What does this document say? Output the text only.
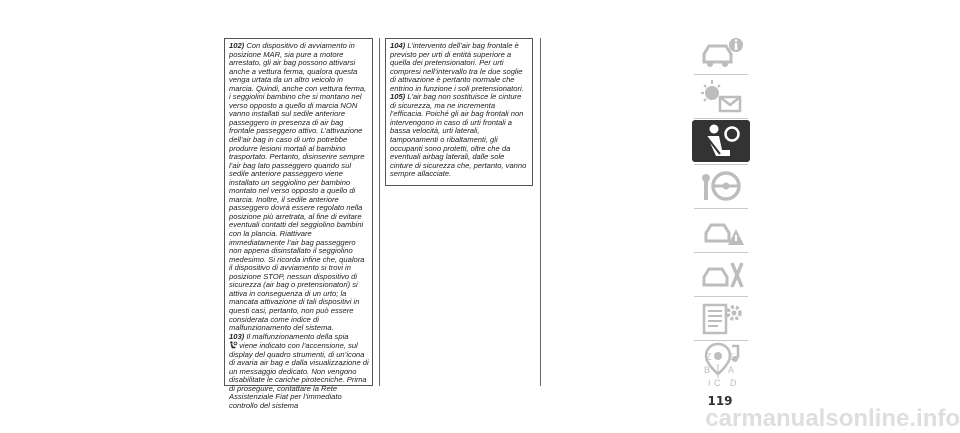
102) Con dispositivo di avviamento in posizione MAR, sia pure a motore arrestato, gli air bag possono attivarsi anche a vettura ferma, qualora questa venga urtata da un altro veicolo in marcia. Quindi, anche con vettura ferma, i seggiolini bambino che si montano nel verso opposto a quello di marcia NON vanno installati sul sedile anteriore passeggero in presenza di air bag frontale passeggero attivo. L’attivazione dell’air bag in caso di urto potrebbe produrre lesioni mortali al bambino trasportato. Pertanto, disinserire sempre l’air bag lato passeggero quando sul sedile anteriore passeggero viene installato un seggiolino per bambino montato nel verso opposto a quello di marcia. Inoltre, il sedile anteriore passeggero dovrà essere regolato nella posizione più arretrata, al fine di evitare eventuali contatti del seggiolino bambini con la plancia. Riattivare immediatamente l’air bag passeggero non appena disinstallato il seggiolino medesimo. Si ricorda infine che, qualora il dispositivo di avviamento si trovi in posizione STOP, nessun dispositivo di sicurezza (air bag o pretensionatori) si attiva in conseguenza di un urto; la mancata attivazione di tali dispositivi in questi casi, pertanto, non può essere considerata come indice di malfunzionamento del sistema.

103) Il malfunzionamento della spia
viene indicato con l’accensione, sul display del quadro strumenti, di un’icona di avaria air bag e dalla visualizzazione di un messaggio dedicato. Non vengono disabilitate le cariche pirotecniche. Prima di proseguire, contattare la Rete Assistenziale Fiat per l’immediato controllo del sistema

104) L’intervento dell’air bag frontale è previsto per urti di entità superiore a quella dei pretensionatori. Per urti compresi nell’intervallo tra le due soglie di attivazione è pertanto normale che entrino in funzione i soli pretensionatori.

105) L’air bag non sostituisce le cinture di sicurezza, ma ne incrementa l’efficacia. Poiché gli air bag frontali non intervengono in caso di urti frontali a bassa velocità, urti laterali, tamponamenti o ribaltamenti, gli occupanti sono protetti, oltre che da eventuali airbag laterali, dalle sole cinture di sicurezza che, pertanto, vanno sempre allacciate.

Z E
B A
I C D
119
carmanualsonline.info
